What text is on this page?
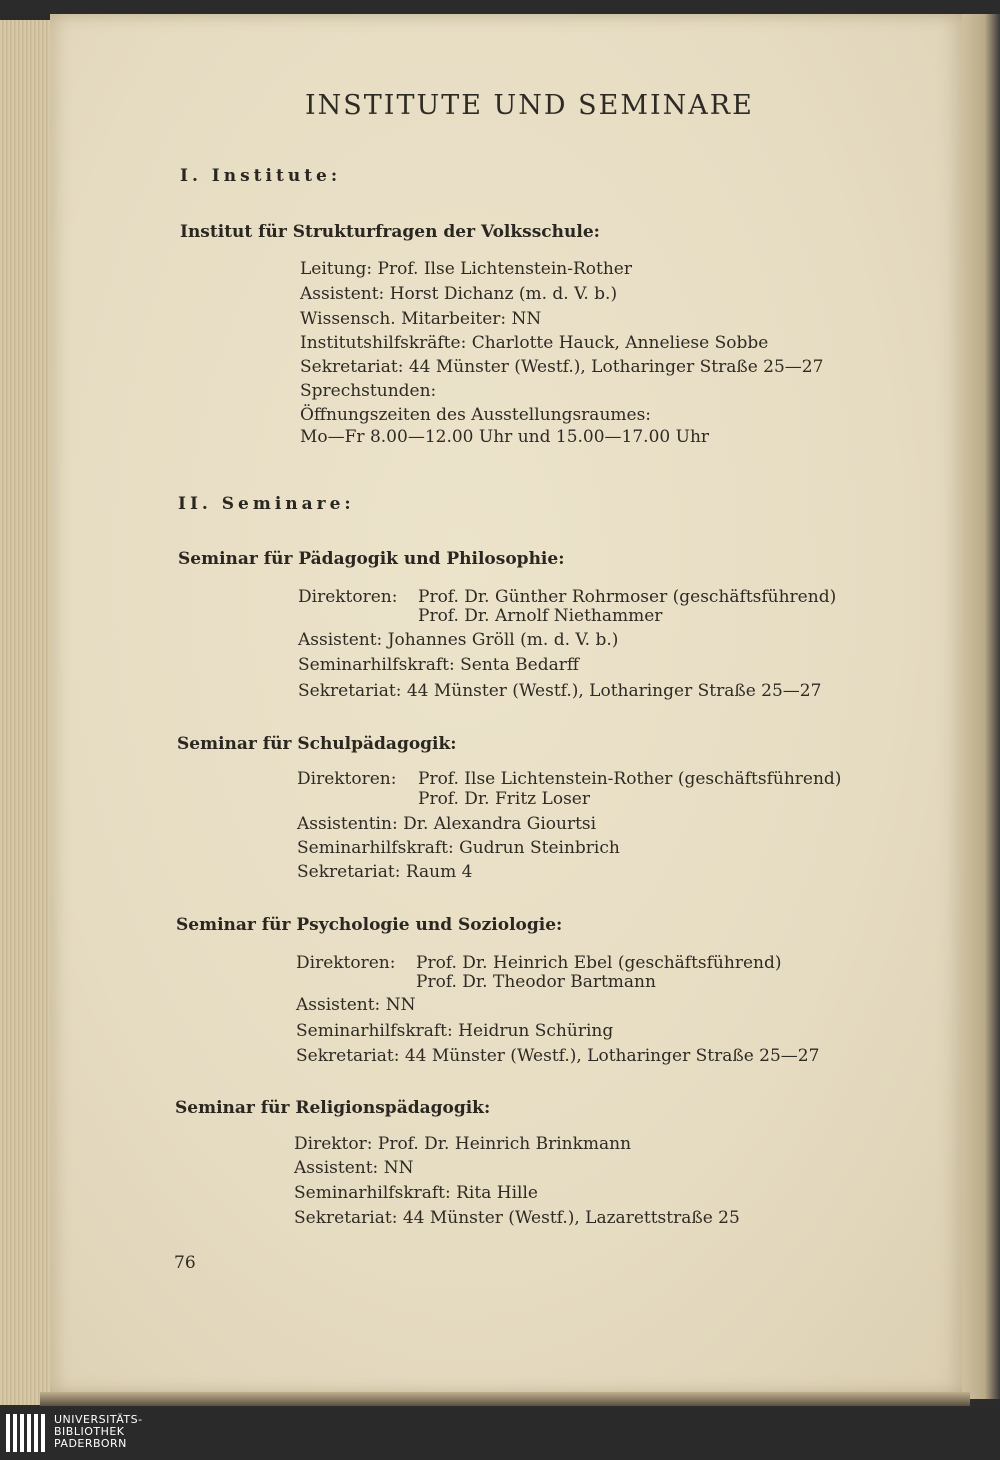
INSTITUTE UND SEMINARE
I. Institute:
Institut für Strukturfragen der Volksschule:
Leitung: Prof. Ilse Lichtenstein-Rother
Assistent: Horst Dichanz (m. d. V. b.)
Wissensch. Mitarbeiter: NN
Institutshilfskräfte: Charlotte Hauck, Anneliese Sobbe
Sekretariat: 44 Münster (Westf.), Lotharinger Straße 25—27
Sprechstunden:
Öffnungszeiten des Ausstellungsraumes:
Mo—Fr 8.00—12.00 Uhr und 15.00—17.00 Uhr
II. Seminare:
Seminar für Pädagogik und Philosophie:
Direktoren: Prof. Dr. Günther Rohrmoser (geschäftsführend)
Prof. Dr. Arnolf Niethammer
Assistent: Johannes Gröll (m. d. V. b.)
Seminarhilfskraft: Senta Bedarff
Sekretariat: 44 Münster (Westf.), Lotharinger Straße 25—27
Seminar für Schulpädagogik:
Direktoren: Prof. Ilse Lichtenstein-Rother (geschäftsführend)
Prof. Dr. Fritz Loser
Assistentin: Dr. Alexandra Giourtsi
Seminarhilfskraft: Gudrun Steinbrich
Sekretariat: Raum 4
Seminar für Psychologie und Soziologie:
Direktoren: Prof. Dr. Heinrich Ebel (geschäftsführend)
Prof. Dr. Theodor Bartmann
Assistent: NN
Seminarhilfskraft: Heidrun Schüring
Sekretariat: 44 Münster (Westf.), Lotharinger Straße 25—27
Seminar für Religionspädagogik:
Direktor: Prof. Dr. Heinrich Brinkmann
Assistent: NN
Seminarhilfskraft: Rita Hille
Sekretariat: 44 Münster (Westf.), Lazarettstraße 25
76
UNIVERSITÄTS-
BIBLIOTHEK
PADERBORN
